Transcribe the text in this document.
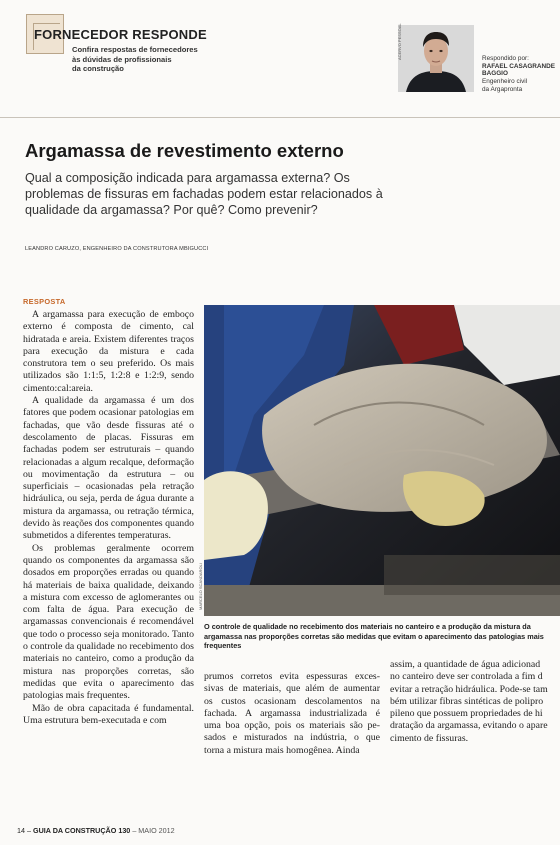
FORNECEDOR RESPONDE
Confira respostas de fornecedores
às dúvidas de profissionais
da construção
ACERVO PESSOAL	Respondido por:
RAFAEL CASAGRANDE
BAGGIO
Engenheiro civil
da Argapronta
Argamassa de revestimento externo
Qual a composição indicada para argamassa externa? Os problemas de fissuras em fachadas podem estar relacionados à qualidade da argamassa? Por quê? Como prevenir?
LEANDRO CARUZO, ENGENHEIRO DA CONSTRUTORA MBIGUCCI
RESPOSTA

A argamassa para execução de emboço externo é composta de cimento, cal hidratada e areia. Existem diferentes traços para execução da mistura e cada construtora tem o seu preferido. Os mais utilizados são 1:1:5, 1:2:8 e 1:2:9, sendo cimento:cal:areia.

A qualidade da argamassa é um dos fatores que podem ocasionar patologias em fachadas, que vão desde fissuras até o descolamento de placas. Fissuras em fachadas podem ser estruturais – quando relacionadas a algum recalque, deformação ou movimentação da estrutura – ou superficiais – ocasionadas pela retração hidráulica, ou seja, perda de água durante a mistura da argamassa, ou retração térmica, devido às reações dos componentes quando submetidos a diferentes temperaturas.

Os problemas geralmente ocorrem quando os componentes da argamassa são dosados em proporções erradas ou quando há materiais de baixa qualidade, deixando a mistura com excesso de aglomerantes ou com falta de água. Para execução de argamassas convencionais é recomendável que todo o processo seja monitorado. Tanto o controle da qualidade no recebimento dos materiais no canteiro, como a produção da mistura nas proporções corretas, são medidas que evita o aparecimento das patologias mais frequentes.

Mão de obra capacitada é fundamental. Uma estrutura bem-executada e com

MARCELO SCANDAROLI
O controle de qualidade no recebimento dos materiais no canteiro e a produção da mistura da argamassa nas proporções corretas são medidas que evitam o aparecimento das patologias mais frequentes
prumos corretos evita espessuras exces-
sivas de materiais, que além de aumentar
os custos ocasionam descolamentos na
fachada. A argamassa industrializada é
uma boa opção, pois os materiais são pe-
sados e misturados na indústria, o que
torna a mistura mais homogênea. Ainda
assim, a quantidade de água adicionad
no canteiro deve ser controlada a fim d
evitar a retração hidráulica. Pode-se tam
bém utilizar fibras sintéticas de polipro
pileno que possuem propriedades de hi
dratação da argamassa, evitando o apare
cimento de fissuras.
14 – GUIA DA CONSTRUÇÃO 130 – MAIO 2012
